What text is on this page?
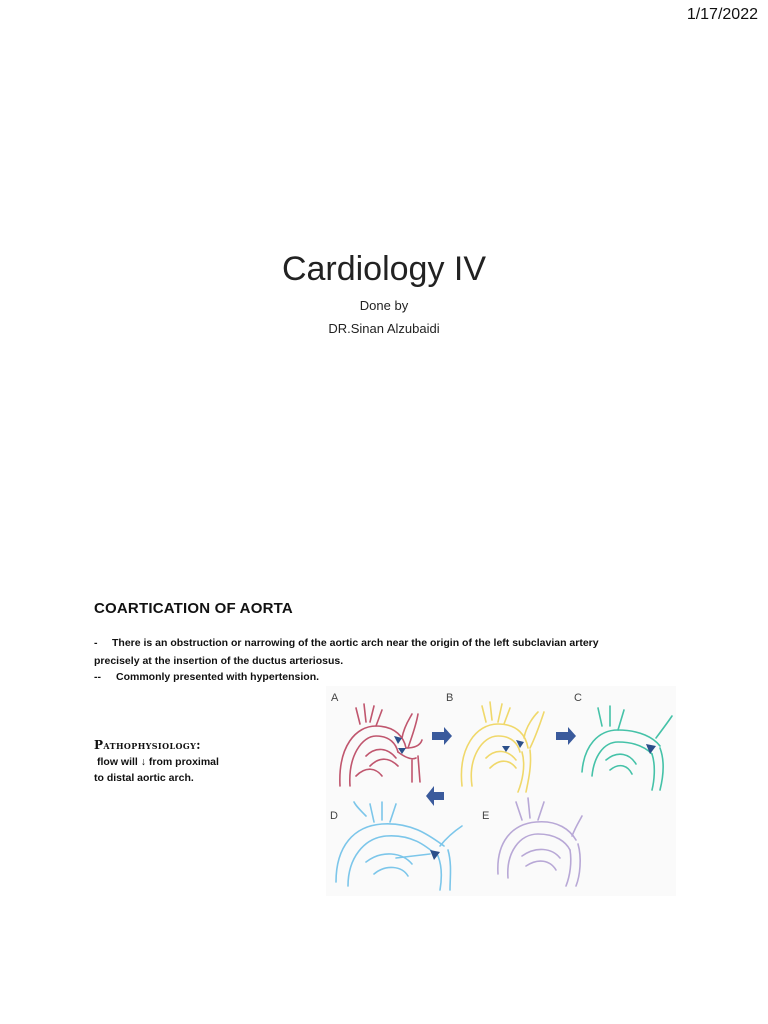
1/17/2022
Cardiology IV
Done by
DR.Sinan Alzubaidi
COARTICATION OF AORTA
- There is an obstruction or narrowing of the aortic arch near the origin of the left subclavian artery
precisely at the insertion of the ductus arteriosus.
-- Commonly presented with hypertension.
Pathophysiology:
flow will ↓ from proximal
to distal aortic arch.
A	B	C
D	E
